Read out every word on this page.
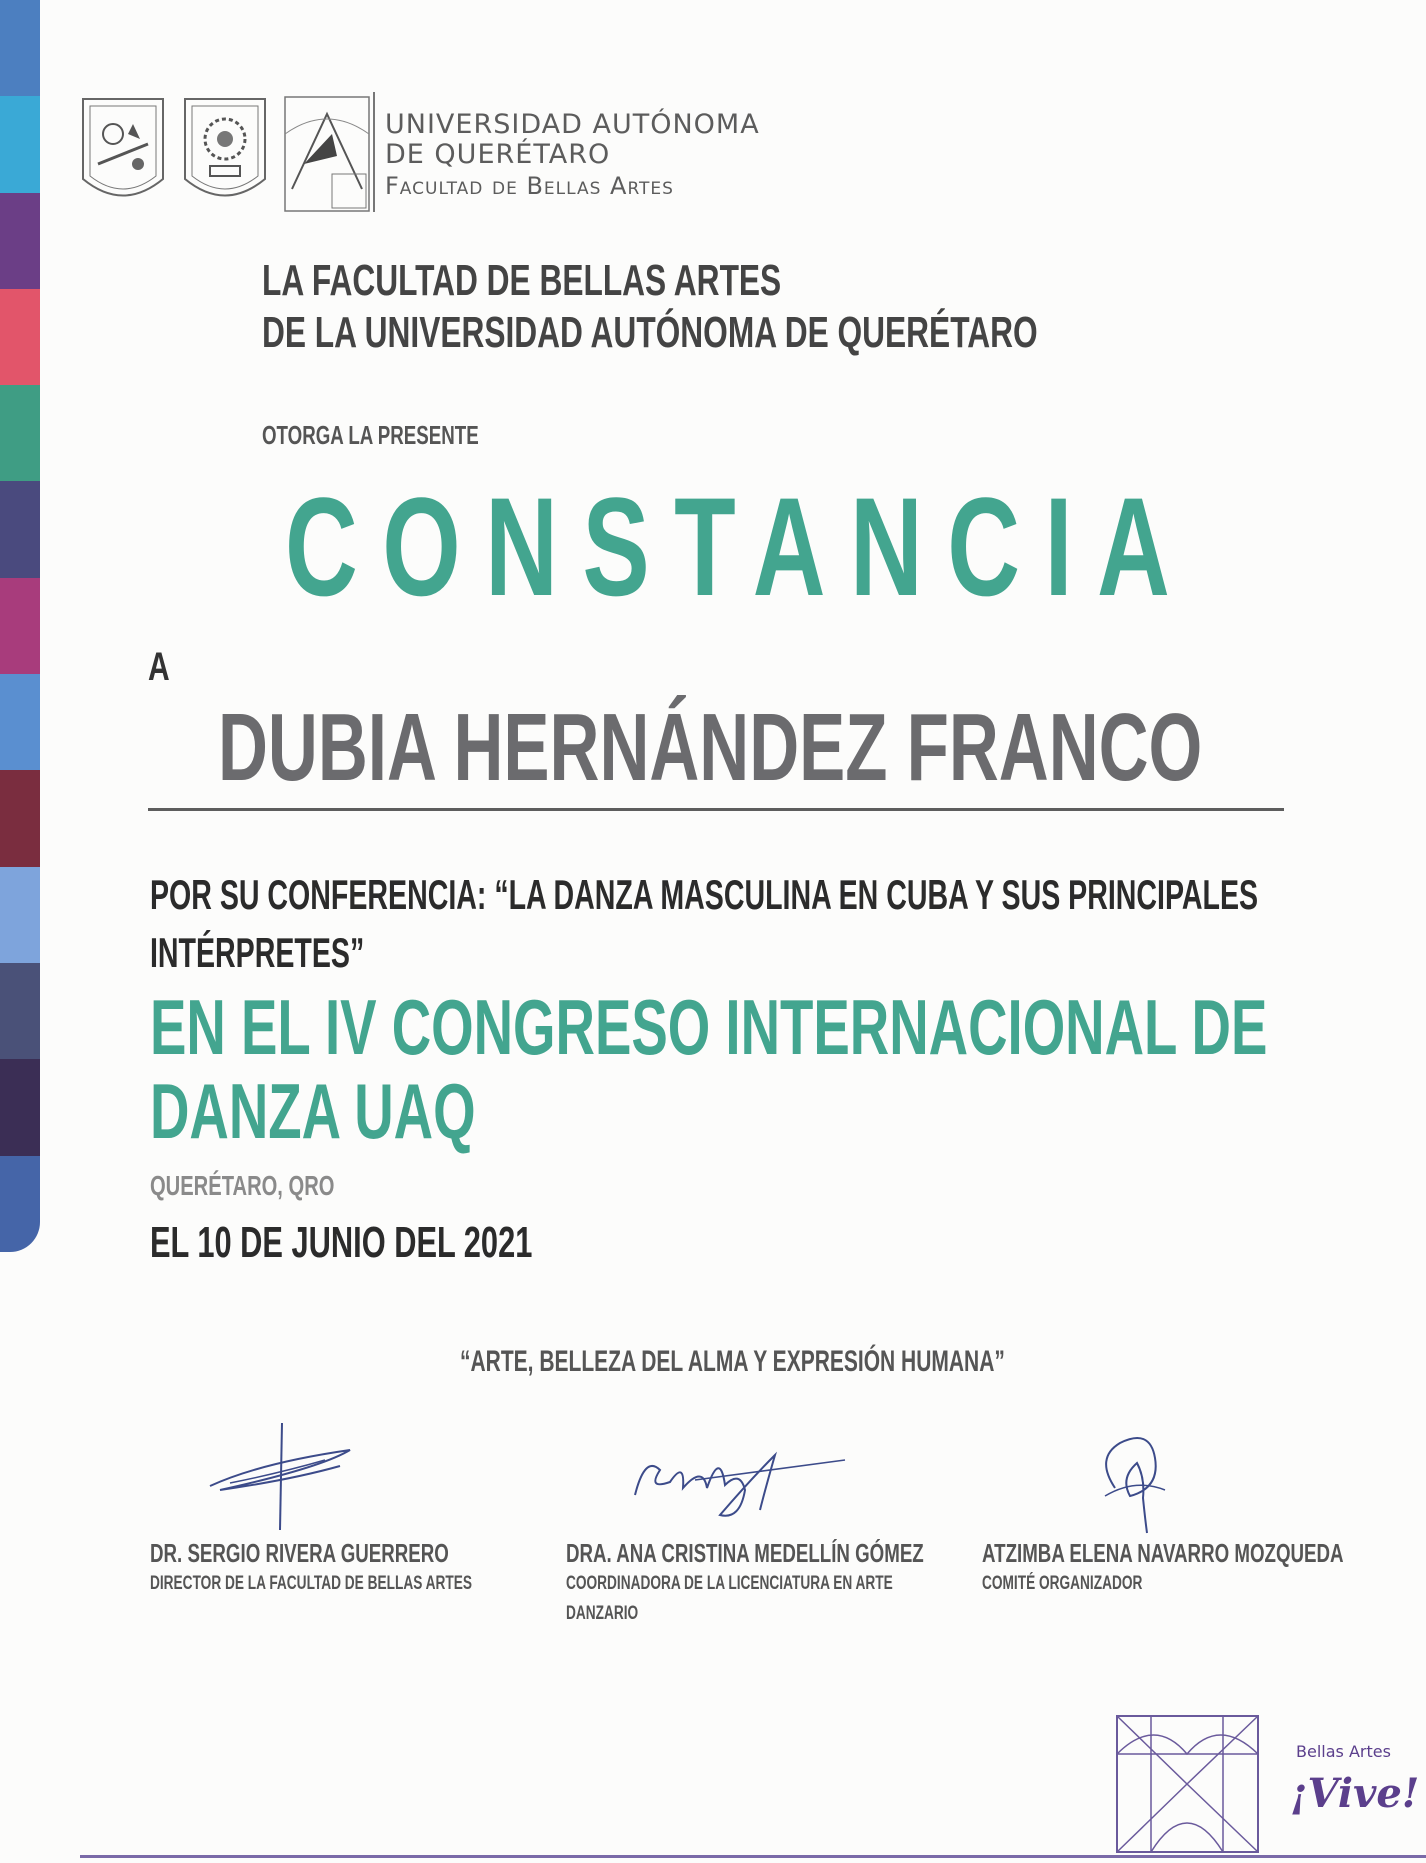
UNIVERSIDAD AUTÓNOMA
DE QUERÉTARO
Facultad de Bellas Artes
LA FACULTAD DE BELLAS ARTES
DE LA UNIVERSIDAD AUTÓNOMA DE QUERÉTARO
OTORGA LA PRESENTE
CONSTANCIA
A
DUBIA HERNÁNDEZ FRANCO
POR SU CONFERENCIA: “LA DANZA MASCULINA EN CUBA Y SUS PRINCIPALES
INTÉRPRETES”
EN EL IV CONGRESO INTERNACIONAL DE
DANZA UAQ
QUERÉTARO, QRO
EL 10 DE JUNIO DEL 2021
“ARTE, BELLEZA DEL ALMA Y EXPRESIÓN HUMANA”
DR. SERGIO RIVERA GUERRERO
DIRECTOR DE LA FACULTAD DE BELLAS ARTES
DRA. ANA CRISTINA MEDELLÍN GÓMEZ
COORDINADORA DE LA LICENCIATURA EN ARTE
DANZARIO
ATZIMBA ELENA NAVARRO MOZQUEDA
COMITÉ ORGANIZADOR
Bellas Artes
¡Vive!
